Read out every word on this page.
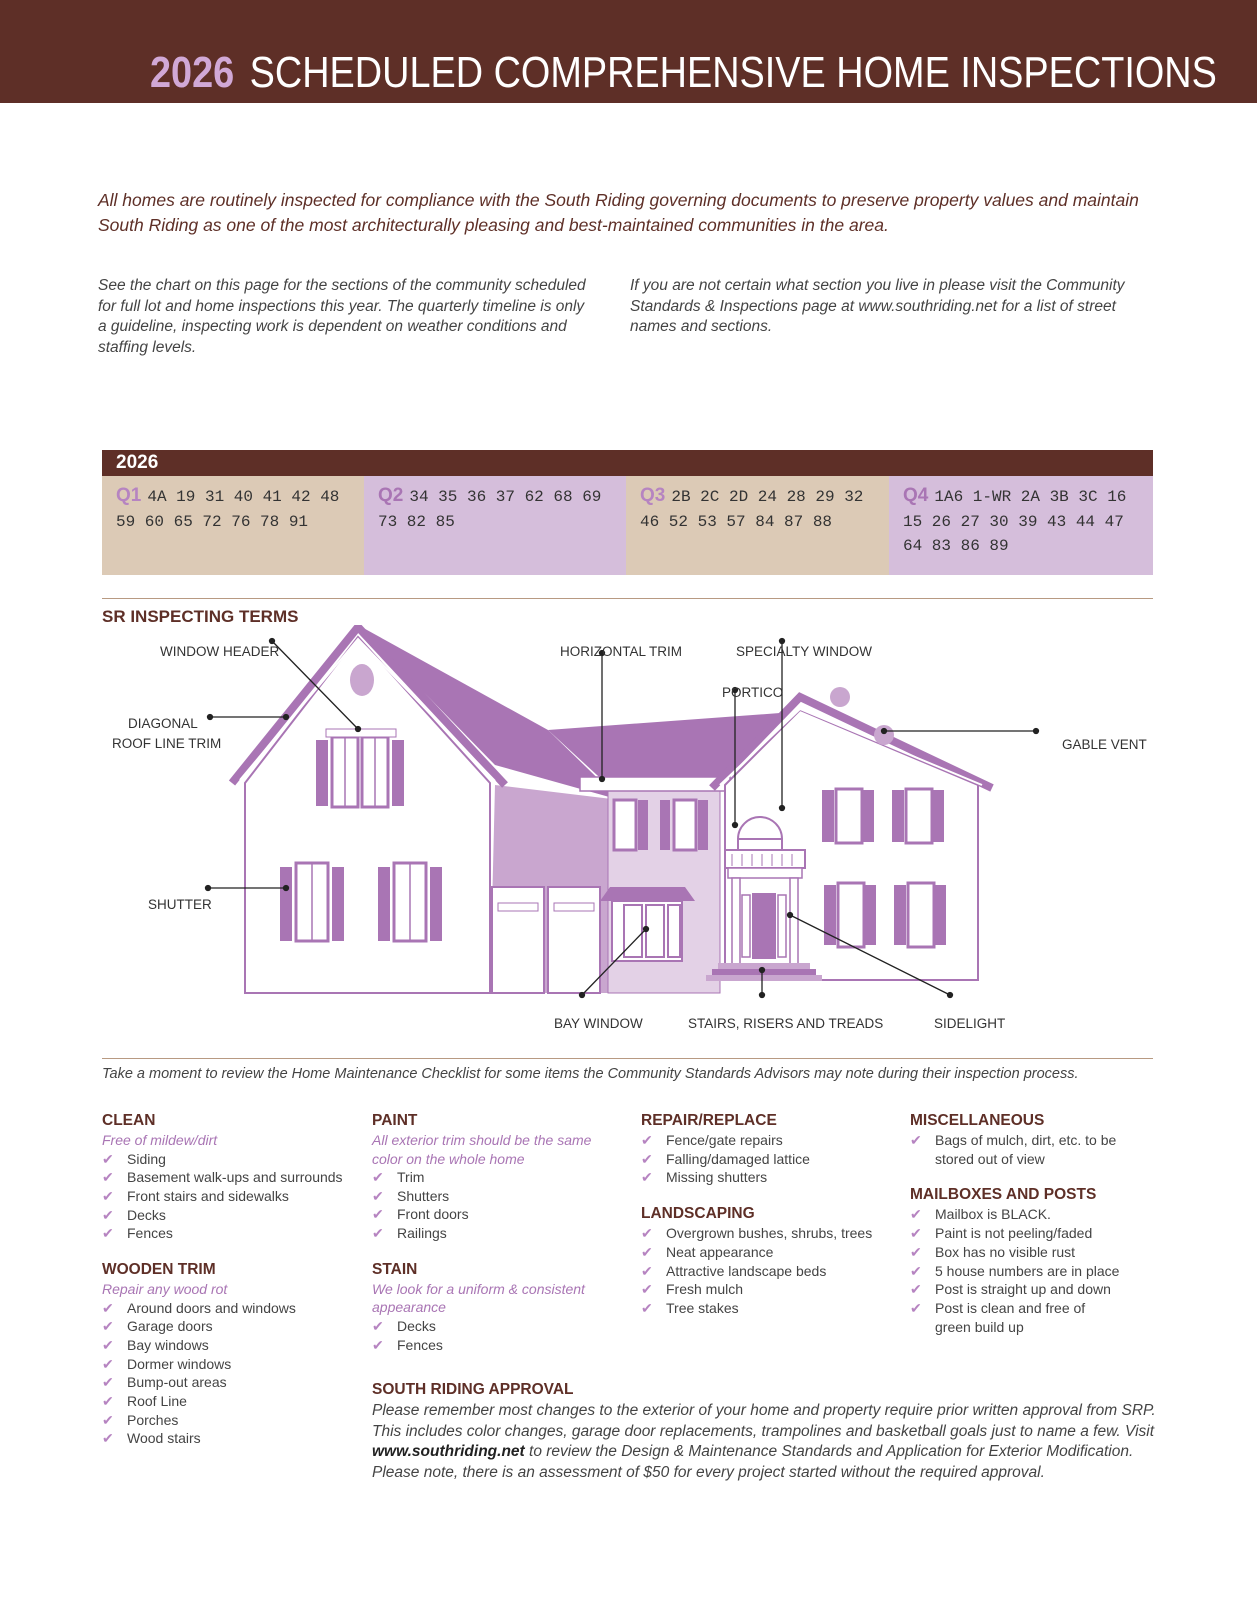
2026 SCHEDULED COMPREHENSIVE HOME INSPECTIONS
All homes are routinely inspected for compliance with the South Riding governing documents to preserve property values and maintain South Riding as one of the most architecturally pleasing and best-maintained communities in the area.
See the chart on this page for the sections of the community scheduled for full lot and home inspections this year. The quarterly timeline is only a guideline, inspecting work is dependent on weather conditions and staffing levels.
If you are not certain what section you live in please visit the Community Standards & Inspections page at www.southriding.net for a list of street names and sections.
2026
Q1 4A 19 31 40 41 42 48
59 60 65 72 76 78 91
Q2 34 35 36 37 62 68 69
73 82 85
Q3 2B 2C 2D 24 28 29 32
46 52 53 57 84 87 88
Q4 1A6 1-WR 2A 3B 3C 16
15 26 27 30 39 43 44 47
64 83 86 89
SR INSPECTING TERMS
WINDOW HEADER
DIAGONAL
ROOF LINE TRIM
HORIZONTAL TRIM	SPECIALTY WINDOW
PORTICO
GABLE VENT
SHUTTER
BAY WINDOW	STAIRS, RISERS AND TREADS	SIDELIGHT
Take a moment to review the Home Maintenance Checklist for some items the Community Standards Advisors may note during their inspection process.
CLEAN
Free of mildew/dirt
✔ Siding
✔ Basement walk-ups and surrounds
✔ Front stairs and sidewalks
✔ Decks
✔ Fences
WOODEN TRIM
Repair any wood rot
✔ Around doors and windows
✔ Garage doors
✔ Bay windows
✔ Dormer windows
✔ Bump-out areas
✔ Roof Line
✔ Porches
✔ Wood stairs
PAINT
All exterior trim should be the same
color on the whole home
✔ Trim
✔ Shutters
✔ Front doors
✔ Railings
STAIN
We look for a uniform & consistent
appearance
✔ Decks
✔ Fences
REPAIR/REPLACE
✔ Fence/gate repairs
✔ Falling/damaged lattice
✔ Missing shutters
LANDSCAPING
✔ Overgrown bushes, shrubs, trees
✔ Neat appearance
✔ Attractive landscape beds
✔ Fresh mulch
✔ Tree stakes
MISCELLANEOUS
✔ Bags of mulch, dirt, etc. to be
stored out of view
MAILBOXES AND POSTS
✔ Mailbox is BLACK.
✔ Paint is not peeling/faded
✔ Box has no visible rust
✔ 5 house numbers are in place
✔ Post is straight up and down
✔ Post is clean and free of
green build up
SOUTH RIDING APPROVAL
Please remember most changes to the exterior of your home and property require prior written approval from SRP. This includes color changes, garage door replacements, trampolines and basketball goals just to name a few. Visit www.southriding.net to review the Design & Maintenance Standards and Application for Exterior Modification. Please note, there is an assessment of $50 for every project started without the required approval.
